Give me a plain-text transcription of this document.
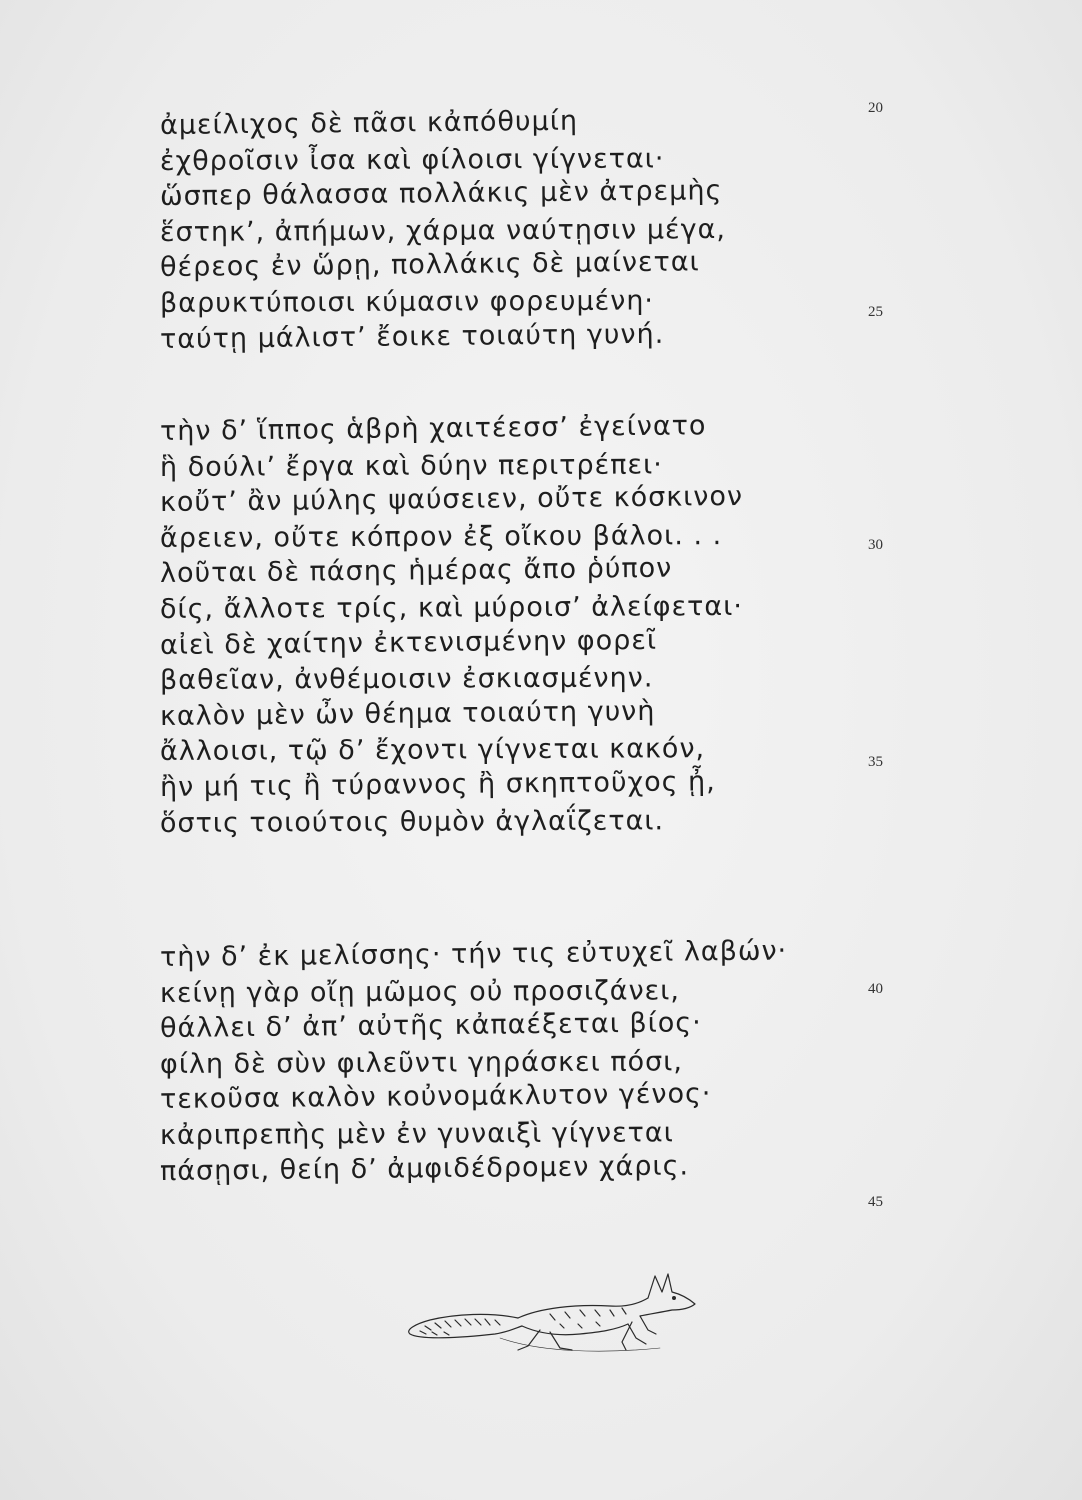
ἀμείλιχος δὲ πᾶσι κἀπόθυμίη
ἐχθροῖσιν ἶσα καὶ φίλοισι γίγνεται·
ὥσπερ θάλασσα πολλάκις μὲν ἀτρεμὴς
ἕστηκ’, ἀπήμων, χάρμα ναύτῃσιν μέγα,
θέρεος ἐν ὥρῃ, πολλάκις δὲ μαίνεται
βαρυκτύποισι κύμασιν φορευμένη·
ταύτῃ μάλιστ’ ἔοικε τοιαύτη γυνή.
τὴν δ’ ἵππος ἁβρὴ χαιτέεσσ’ ἐγείνατο
ἣ δούλι’ ἔργα καὶ δύην περιτρέπει·
κοὔτ’ ἂν μύλης ψαύσειεν, οὔτε κόσκινον
ἄρειεν, οὔτε κόπρον ἐξ οἴκου βάλοι. . .
λοῦται δὲ πάσης ἡμέρας ἄπο ῥύπον
δίς, ἄλλοτε τρίς, καὶ μύροισ’ ἀλείφεται·
αἰεὶ δὲ χαίτην ἐκτενισμένην φορεῖ
βαθεῖαν, ἀνθέμοισιν ἐσκιασμένην.
καλὸν μὲν ὦν θέημα τοιαύτη γυνὴ
ἄλλοισι, τῷ δ’ ἔχοντι γίγνεται κακόν,
ἢν μή τις ἢ τύραννος ἢ σκηπτοῦχος ᾖ,
ὅστις τοιούτοις θυμὸν ἀγλαΐζεται.
τὴν δ’ ἐκ μελίσσης· τήν τις εὐτυχεῖ λαβών·
κείνῃ γὰρ οἴῃ μῶμος οὐ προσιζάνει,
θάλλει δ’ ἀπ’ αὐτῆς κἀπαέξεται βίος·
φίλη δὲ σὺν φιλεῦντι γηράσκει πόσι,
τεκοῦσα καλὸν κοὐνομάκλυτον γένος·
κἀριπρεπὴς μὲν ἐν γυναιξὶ γίγνεται
πάσῃσι, θείη δ’ ἀμφιδέδρομεν χάρις.
20
25
30
35
40
45
